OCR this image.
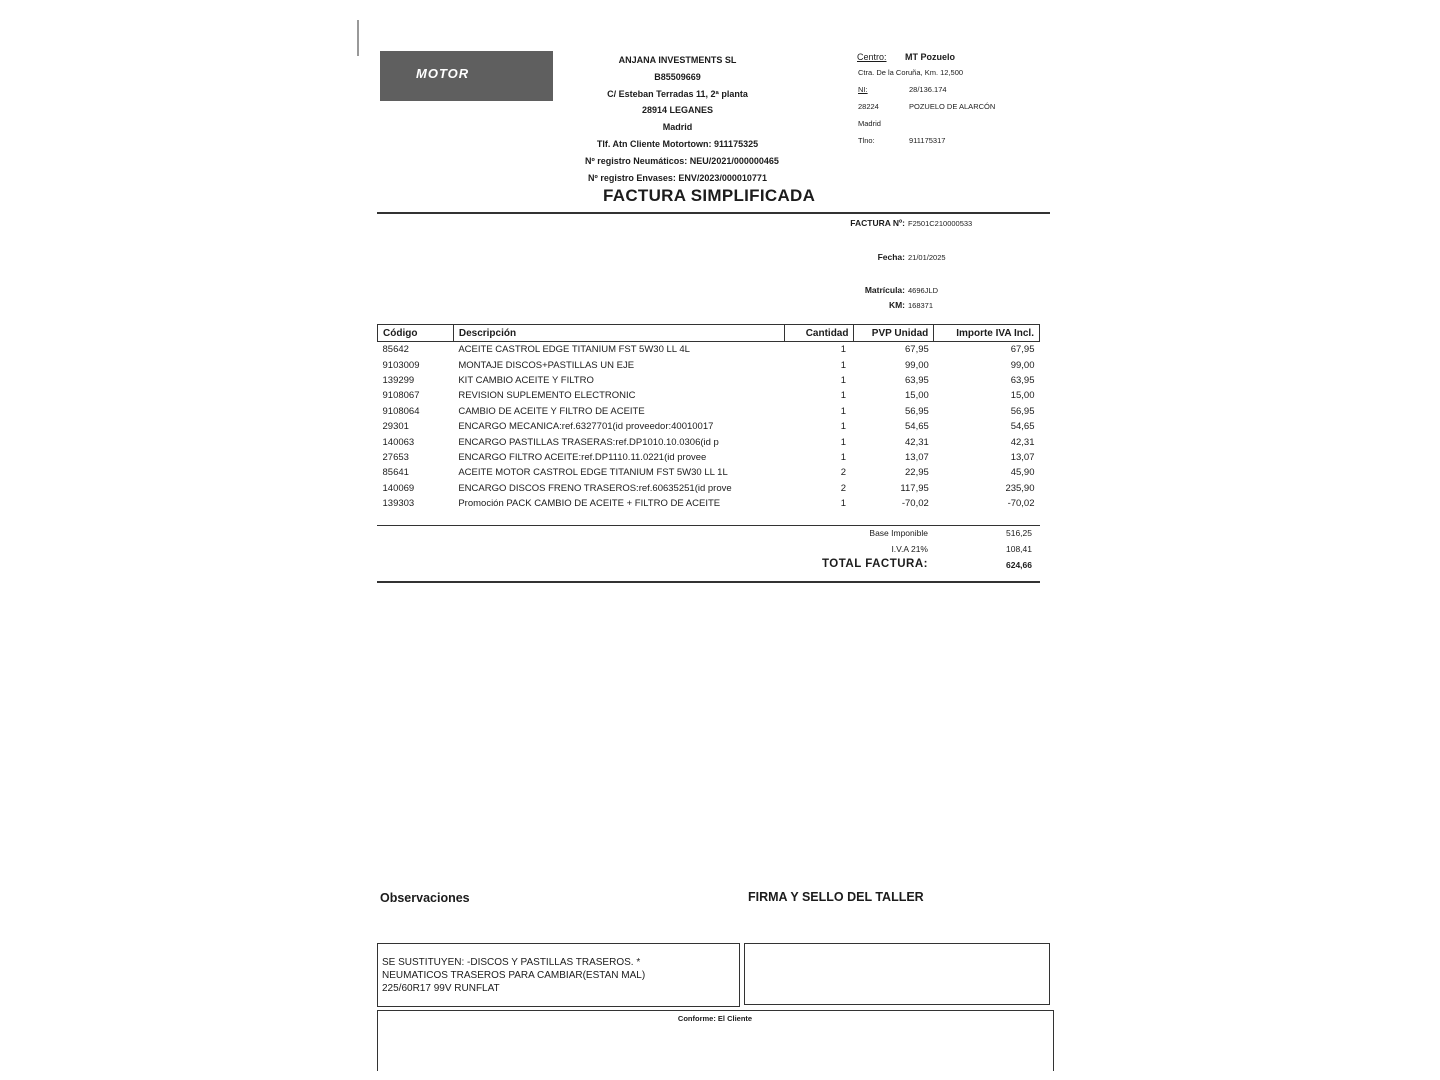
MOTOR
ANJANA INVESTMENTS SL
B85509669
C/ Esteban Terradas 11, 2ª planta
28914 LEGANES
Madrid
Tlf. Atn Cliente Motortown: 911175325
Nº registro Neumáticos: NEU/2021/000000465
Nº registro Envases: ENV/2023/000010771
Centro: MT Pozuelo
Ctra. De la Coruña, Km. 12,500
NI:	28/136.174
28224	POZUELO DE ALARCÓN
Madrid
Tlno:	911175317
FACTURA SIMPLIFICADA
FACTURA Nº: F2501C210000533
Fecha: 21/01/2025
Matrícula: 4696JLD
KM: 168371
Código	Descripción	Cantidad	PVP Unidad	Importe IVA Incl.
85642	ACEITE CASTROL EDGE TITANIUM FST 5W30 LL 4L	1	67,95	67,95
9103009	MONTAJE DISCOS+PASTILLAS UN EJE	1	99,00	99,00
139299	KIT CAMBIO ACEITE Y FILTRO	1	63,95	63,95
9108067	REVISION SUPLEMENTO ELECTRONIC	1	15,00	15,00
9108064	CAMBIO DE ACEITE Y FILTRO DE ACEITE	1	56,95	56,95
29301	ENCARGO MECANICA:ref.6327701(id proveedor:40010017	1	54,65	54,65
140063	ENCARGO PASTILLAS TRASERAS:ref.DP1010.10.0306(id p	1	42,31	42,31
27653	ENCARGO FILTRO ACEITE:ref.DP1110.11.0221(id provee	1	13,07	13,07
85641	ACEITE MOTOR CASTROL EDGE TITANIUM FST 5W30 LL 1L	2	22,95	45,90
140069	ENCARGO DISCOS FRENO TRASEROS:ref.60635251(id prove	2	117,95	235,90
139303	Promoción PACK CAMBIO DE ACEITE + FILTRO DE ACEITE	1	-70,02	-70,02
Base Imponible	516,25
I.V.A 21%	108,41
TOTAL FACTURA:	624,66
Observaciones	FIRMA Y SELLO DEL TALLER
SE SUSTITUYEN: -DISCOS Y PASTILLAS TRASEROS. *
NEUMATICOS TRASEROS PARA CAMBIAR(ESTAN MAL)
225/60R17 99V RUNFLAT
Conforme: El Cliente
